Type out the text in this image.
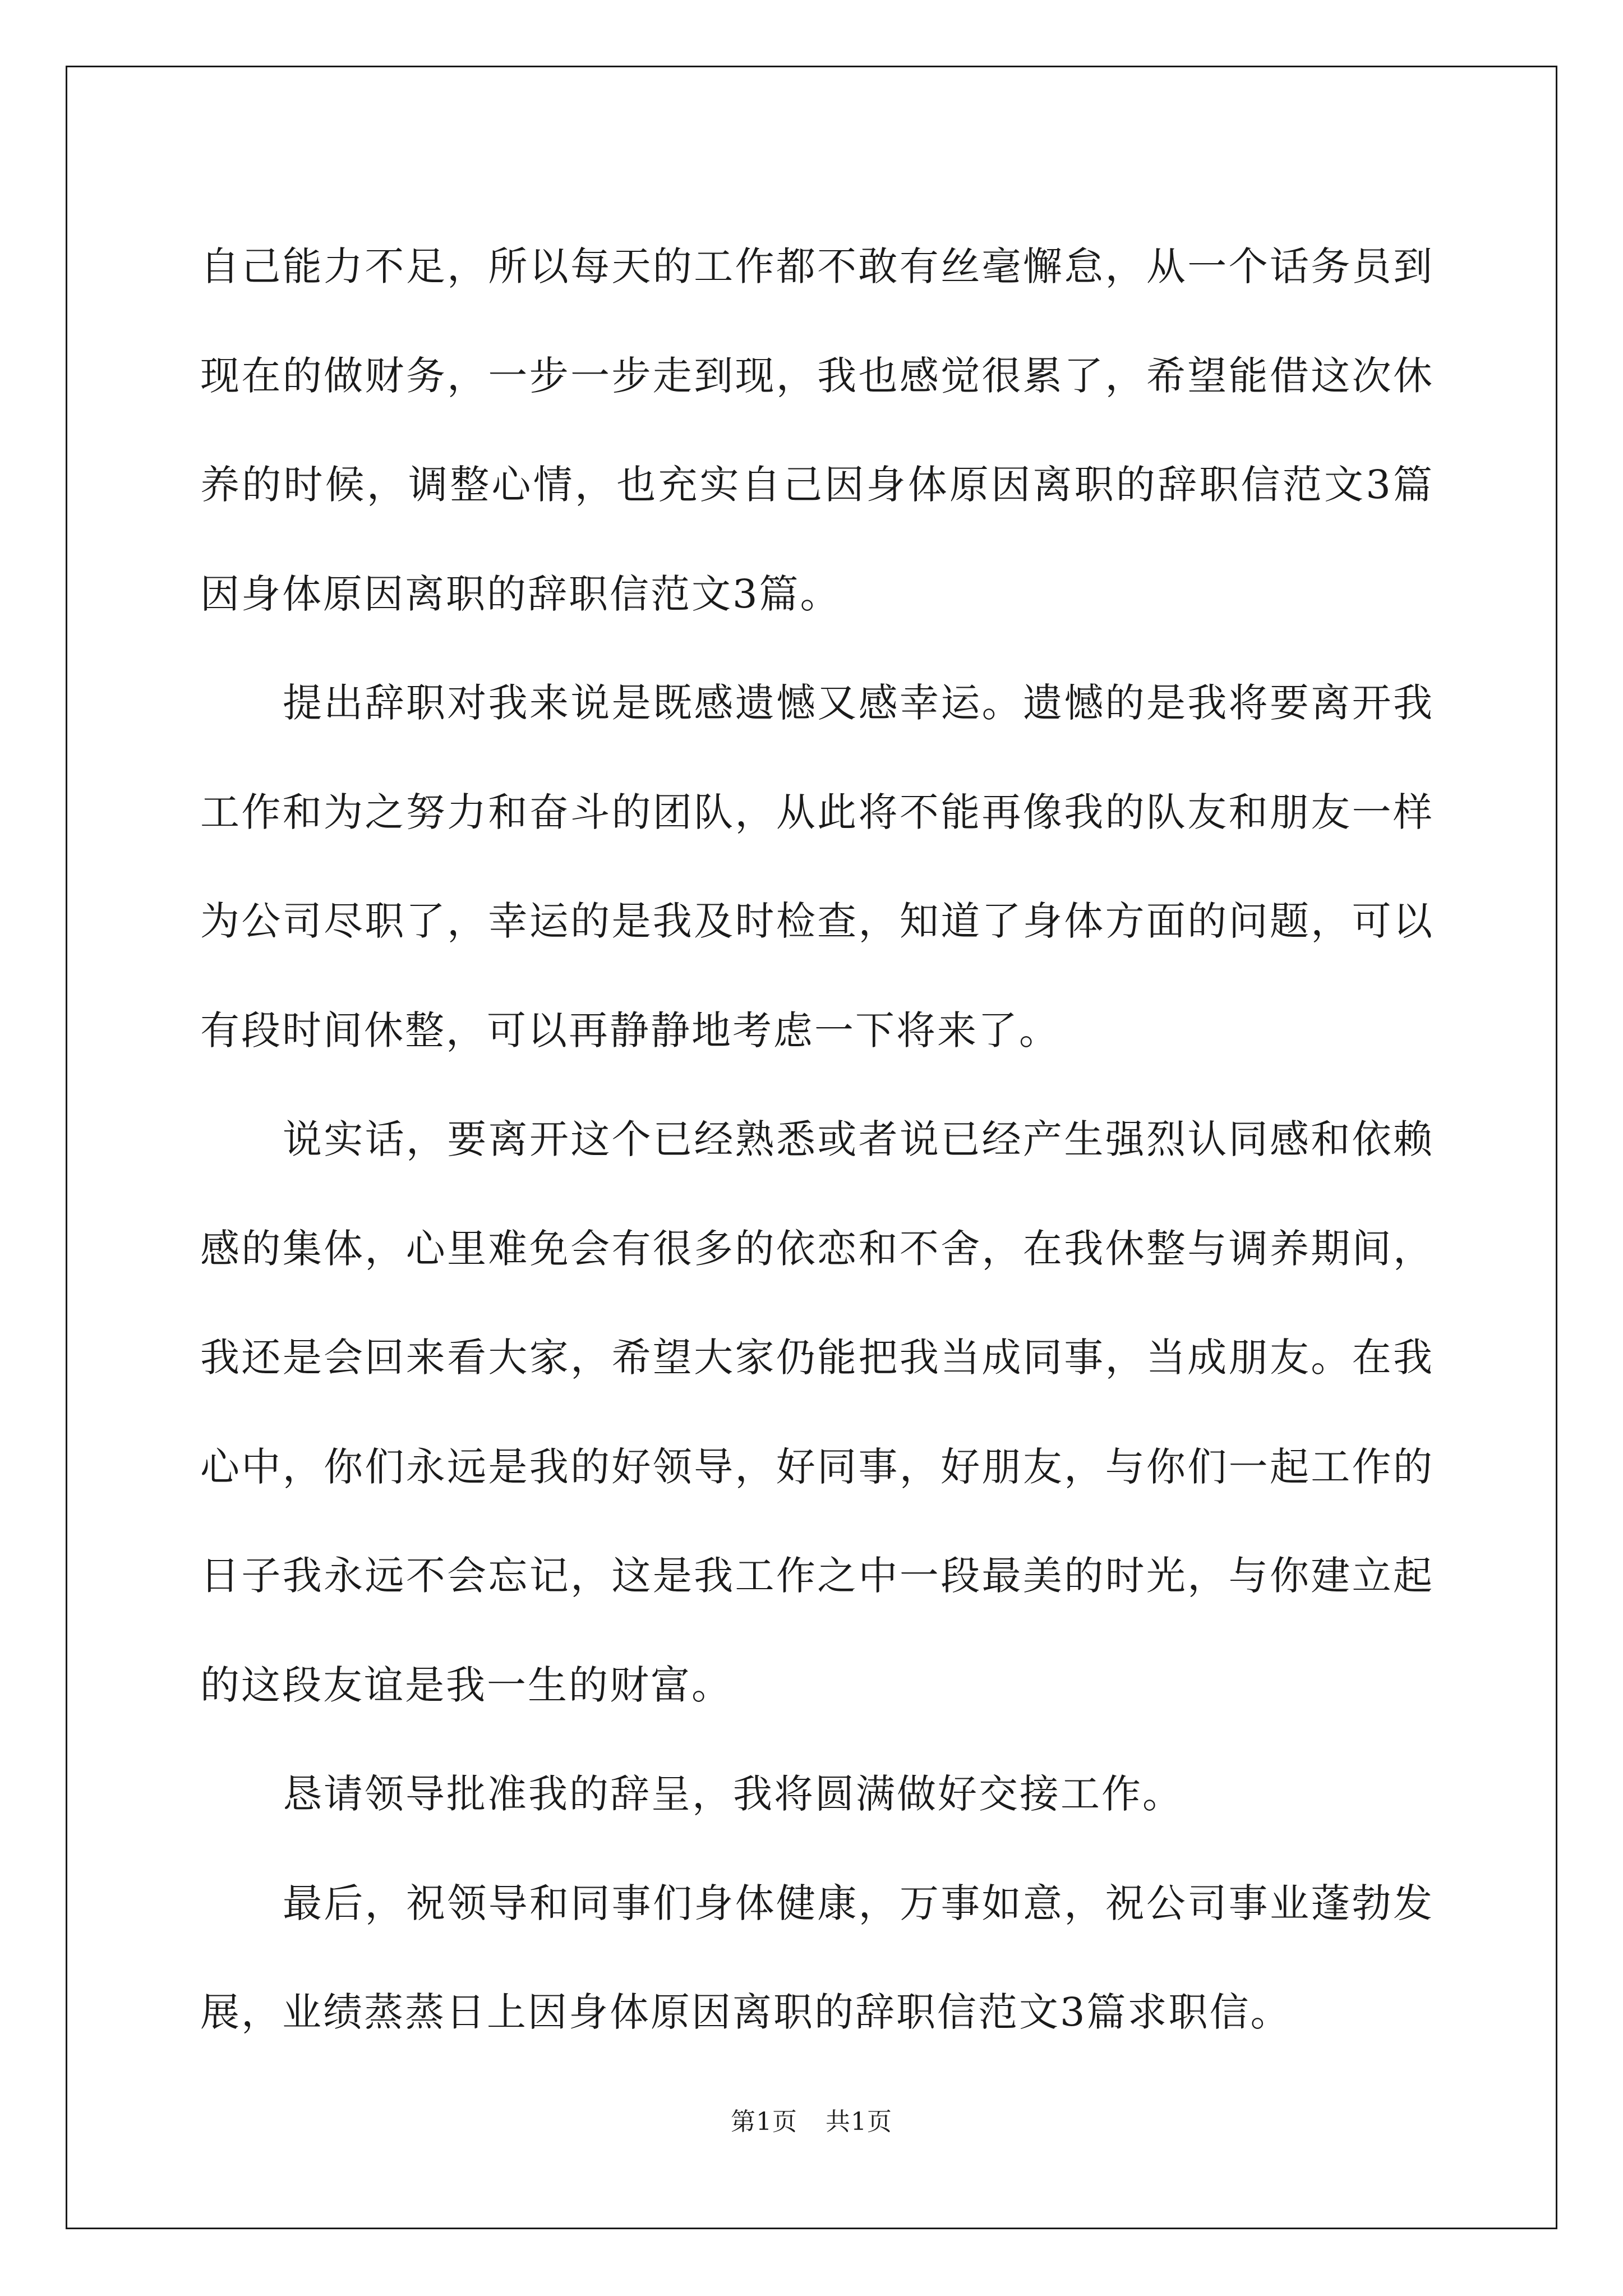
自己能力不足，所以每天的工作都不敢有丝毫懈怠，从一个话务员到现在的做财务，一步一步走到现，我也感觉很累了，希望能借这次休养的时候，调整心情，也充实自己因身体原因离职的辞职信范文3篇因身体原因离职的辞职信范文3篇。

提出辞职对我来说是既感遗憾又感幸运。遗憾的是我将要离开我工作和为之努力和奋斗的团队，从此将不能再像我的队友和朋友一样为公司尽职了，幸运的是我及时检查，知道了身体方面的问题，可以有段时间休整，可以再静静地考虑一下将来了。

说实话，要离开这个已经熟悉或者说已经产生强烈认同感和依赖感的集体，心里难免会有很多的依恋和不舍，在我休整与调养期间，我还是会回来看大家，希望大家仍能把我当成同事，当成朋友。在我心中，你们永远是我的好领导，好同事，好朋友，与你们一起工作的日子我永远不会忘记，这是我工作之中一段最美的时光，与你建立起的这段友谊是我一生的财富。

恳请领导批准我的辞呈，我将圆满做好交接工作。

最后，祝领导和同事们身体健康，万事如意，祝公司事业蓬勃发展，业绩蒸蒸日上因身体原因离职的辞职信范文3篇求职信。

第1页 共1页
